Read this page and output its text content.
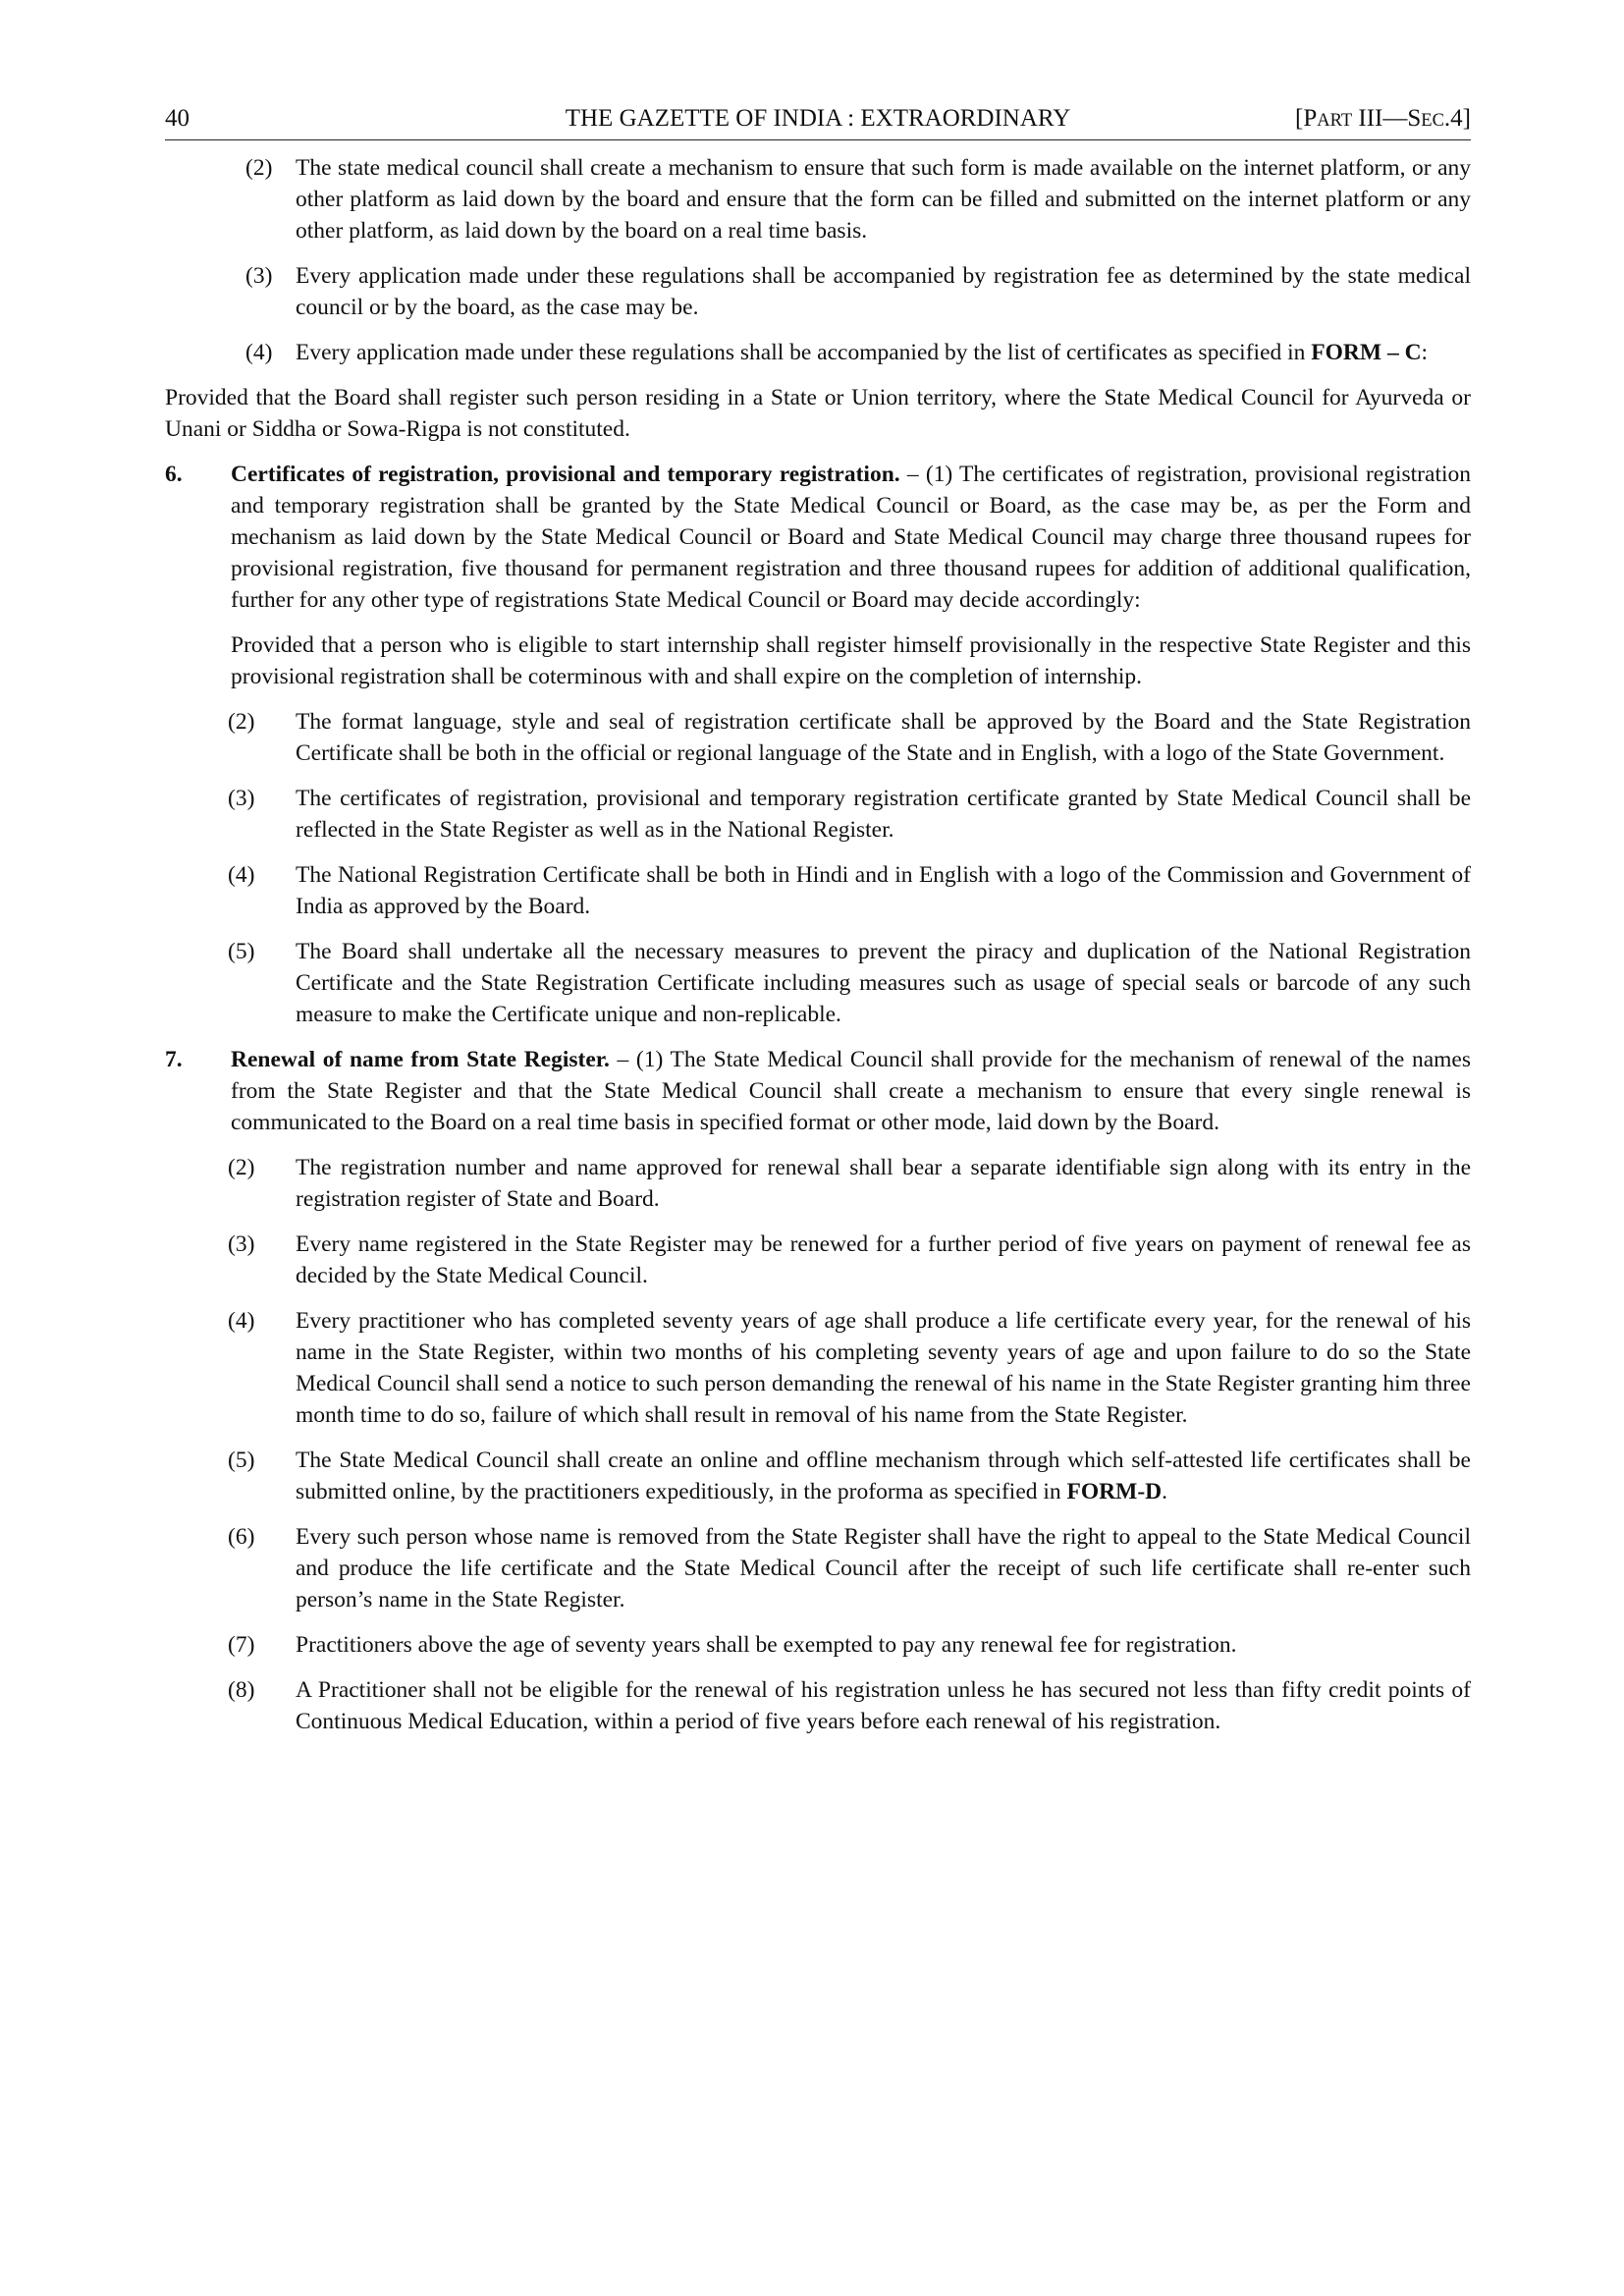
40	THE GAZETTE OF INDIA : EXTRAORDINARY	[PART III—SEC.4]

(2) The state medical council shall create a mechanism to ensure that such form is made available on the internet platform, or any other platform as laid down by the board and ensure that the form can be filled and submitted on the internet platform or any other platform, as laid down by the board on a real time basis.

(3) Every application made under these regulations shall be accompanied by registration fee as determined by the state medical council or by the board, as the case may be.

(4) Every application made under these regulations shall be accompanied by the list of certificates as specified in FORM – C:

Provided that the Board shall register such person residing in a State or Union territory, where the State Medical Council for Ayurveda or Unani or Siddha or Sowa-Rigpa is not constituted.

6. Certificates of registration, provisional and temporary registration. – (1) The certificates of registration, provisional registration and temporary registration shall be granted by the State Medical Council or Board, as the case may be, as per the Form and mechanism as laid down by the State Medical Council or Board and State Medical Council may charge three thousand rupees for provisional registration, five thousand for permanent registration and three thousand rupees for addition of additional qualification, further for any other type of registrations State Medical Council or Board may decide accordingly:

Provided that a person who is eligible to start internship shall register himself provisionally in the respective State Register and this provisional registration shall be coterminous with and shall expire on the completion of internship.

(2) The format language, style and seal of registration certificate shall be approved by the Board and the State Registration Certificate shall be both in the official or regional language of the State and in English, with a logo of the State Government.

(3) The certificates of registration, provisional and temporary registration certificate granted by State Medical Council shall be reflected in the State Register as well as in the National Register.

(4) The National Registration Certificate shall be both in Hindi and in English with a logo of the Commission and Government of India as approved by the Board.

(5) The Board shall undertake all the necessary measures to prevent the piracy and duplication of the National Registration Certificate and the State Registration Certificate including measures such as usage of special seals or barcode of any such measure to make the Certificate unique and non-replicable.

7. Renewal of name from State Register. – (1) The State Medical Council shall provide for the mechanism of renewal of the names from the State Register and that the State Medical Council shall create a mechanism to ensure that every single renewal is communicated to the Board on a real time basis in specified format or other mode, laid down by the Board.

(2) The registration number and name approved for renewal shall bear a separate identifiable sign along with its entry in the registration register of State and Board.

(3) Every name registered in the State Register may be renewed for a further period of five years on payment of renewal fee as decided by the State Medical Council.

(4) Every practitioner who has completed seventy years of age shall produce a life certificate every year, for the renewal of his name in the State Register, within two months of his completing seventy years of age and upon failure to do so the State Medical Council shall send a notice to such person demanding the renewal of his name in the State Register granting him three month time to do so, failure of which shall result in removal of his name from the State Register.

(5) The State Medical Council shall create an online and offline mechanism through which self-attested life certificates shall be submitted online, by the practitioners expeditiously, in the proforma as specified in FORM-D.

(6) Every such person whose name is removed from the State Register shall have the right to appeal to the State Medical Council and produce the life certificate and the State Medical Council after the receipt of such life certificate shall re-enter such person’s name in the State Register.

(7) Practitioners above the age of seventy years shall be exempted to pay any renewal fee for registration.

(8) A Practitioner shall not be eligible for the renewal of his registration unless he has secured not less than fifty credit points of Continuous Medical Education, within a period of five years before each renewal of his registration.
